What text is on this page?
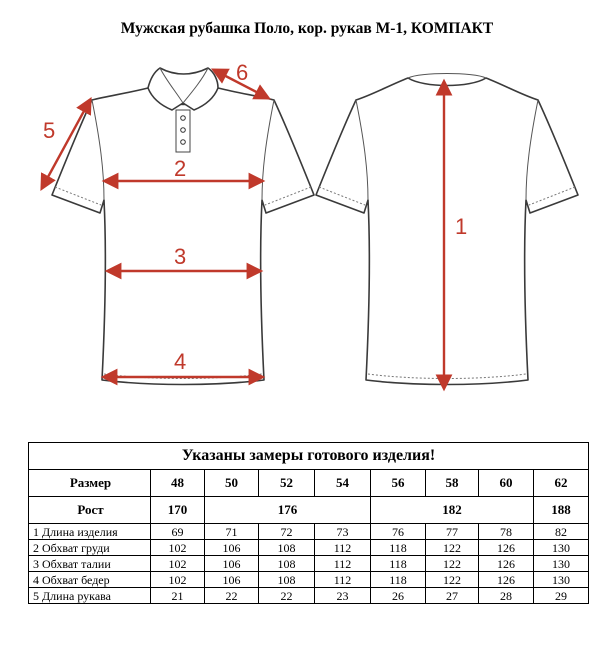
Мужская рубашка Поло, кор. рукав М-1, КОМПАКТ
1
2
3
4
5
6
Указаны замеры готового изделия!								
Размер	48	50	52	54	56	58	60	62
Рост	170	176			182			188
1 Длина изделия	69	71	72	73	76	77	78	82
2 Обхват груди	102	106	108	112	118	122	126	130
3 Обхват талии	102	106	108	112	118	122	126	130
4 Обхват бедер	102	106	108	112	118	122	126	130
5 Длина рукава	21	22	22	23	26	27	28	29
